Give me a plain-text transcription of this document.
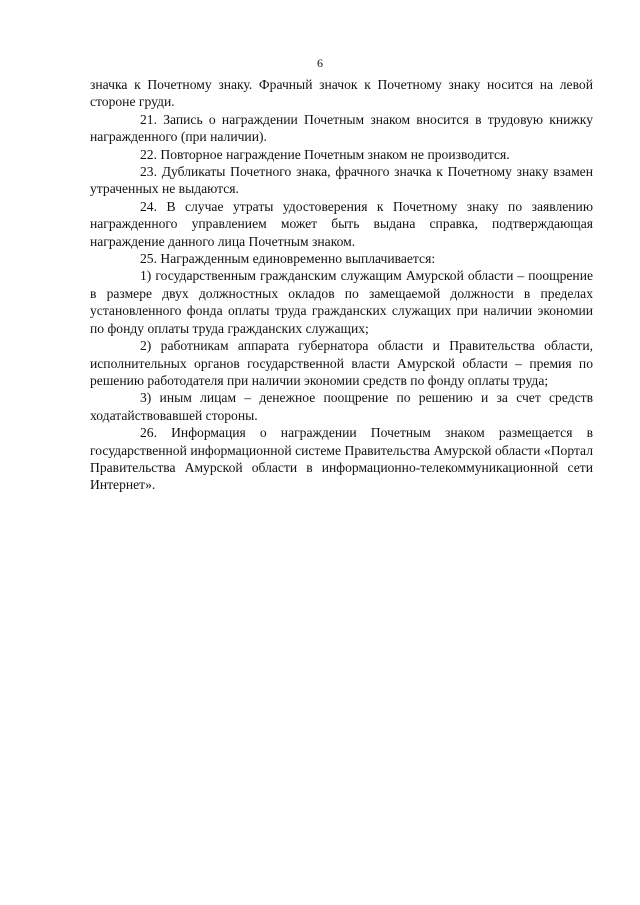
6

значка к Почетному знаку. Фрачный значок к Почетному знаку носится на левой стороне груди.

21. Запись о награждении Почетным знаком вносится в трудовую книжку награжденного (при наличии).

22. Повторное награждение Почетным знаком не производится.

23. Дубликаты Почетного знака, фрачного значка к Почетному знаку взамен утраченных не выдаются.

24. В случае утраты удостоверения к Почетному знаку по заявлению награжденного управлением может быть выдана справка, подтверждающая награждение данного лица Почетным знаком.

25. Награжденным единовременно выплачивается:

1) государственным гражданским служащим Амурской области – поощрение в размере двух должностных окладов по замещаемой должности в пределах установленного фонда оплаты труда гражданских служащих при наличии экономии по фонду оплаты труда гражданских служащих;

2) работникам аппарата губернатора области и Правительства области, исполнительных органов государственной власти Амурской области – премия по решению работодателя при наличии экономии средств по фонду оплаты труда;

3) иным лицам – денежное поощрение по решению и за счет средств ходатайствовавшей стороны.

26. Информация о награждении Почетным знаком размещается в государственной информационной системе Правительства Амурской области «Портал Правительства Амурской области в информационно-телекоммуникационной сети Интернет».
